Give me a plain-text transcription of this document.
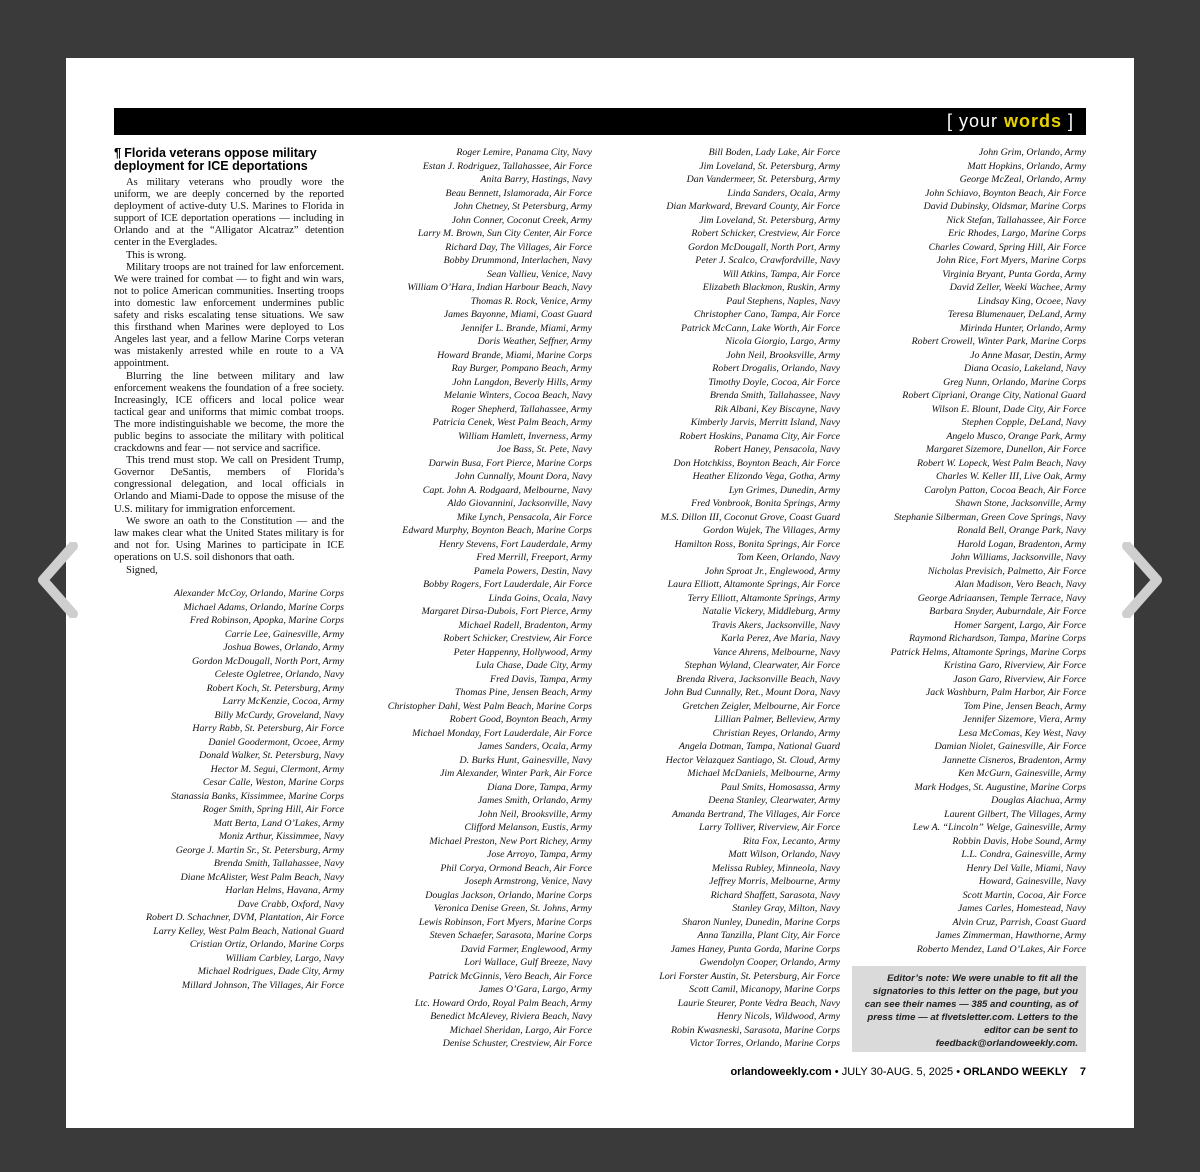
[ your words ]
¶ Florida veterans oppose military deployment for ICE deportations

As military veterans who proudly wore the uniform, we are deeply concerned by the reported deployment of active-duty U.S. Marines to Florida in support of ICE deportation operations — including in Orlando and at the “Alligator Alcatraz” detention center in the Everglades.

This is wrong.

Military troops are not trained for law enforcement. We were trained for combat — to fight and win wars, not to police American communities. Inserting troops into domestic law enforcement undermines public safety and risks escalating tense situations. We saw this firsthand when Marines were deployed to Los Angeles last year, and a fellow Marine Corps veteran was mistakenly arrested while en route to a VA appointment.

Blurring the line between military and law enforcement weakens the foundation of a free society. Increasingly, ICE officers and local police wear tactical gear and uniforms that mimic combat troops. The more indistinguishable we become, the more the public begins to associate the military with political crackdowns and fear — not service and sacrifice.

This trend must stop. We call on President Trump, Governor DeSantis, members of Florida’s congressional delegation, and local officials in Orlando and Miami-Dade to oppose the misuse of the U.S. military for immigration enforcement.

We swore an oath to the Constitution — and the law makes clear what the United States military is for and not for. Using Marines to participate in ICE operations on U.S. soil dishonors that oath.

Signed,

Alexander McCoy, Orlando, Marine Corps
Michael Adams, Orlando, Marine Corps
Fred Robinson, Apopka, Marine Corps
Carrie Lee, Gainesville, Army
Joshua Bowes, Orlando, Army
Gordon McDougall, North Port, Army
Celeste Ogletree, Orlando, Navy
Robert Koch, St. Petersburg, Army
Larry McKenzie, Cocoa, Army
Billy McCurdy, Groveland, Navy
Harry Rabb, St. Petersburg, Air Force
Daniel Goodermont, Ocoee, Army
Donald Walker, St. Petersburg, Navy
Hector M. Segui, Clermont, Army
Cesar Calle, Weston, Marine Corps
Stanassia Banks, Kissimmee, Marine Corps
Roger Smith, Spring Hill, Air Force
Matt Berta, Land O’Lakes, Army
Moniz Arthur, Kissimmee, Navy
George J. Martin Sr., St. Petersburg, Army
Brenda Smith, Tallahassee, Navy
Diane McAlister, West Palm Beach, Navy
Harlan Helms, Havana, Army
Dave Crabb, Oxford, Navy
Robert D. Schachner, DVM, Plantation, Air Force
Larry Kelley, West Palm Beach, National Guard
Cristian Ortiz, Orlando, Marine Corps
William Carbley, Largo, Navy
Michael Rodrigues, Dade City, Army
Millard Johnson, The Villages, Air Force
Roger Lemire, Panama City, Navy
Estan J. Rodriguez, Tallahassee, Air Force
Anita Barry, Hastings, Navy
Beau Bennett, Islamorada, Air Force
John Chetney, St Petersburg, Army
John Conner, Coconut Creek, Army
Larry M. Brown, Sun City Center, Air Force
Richard Day, The Villages, Air Force
Bobby Drummond, Interlachen, Navy
Sean Vallieu, Venice, Navy
William O’Hara, Indian Harbour Beach, Navy
Thomas R. Rock, Venice, Army
James Bayonne, Miami, Coast Guard
Jennifer L. Brande, Miami, Army
Doris Weather, Seffner, Army
Howard Brande, Miami, Marine Corps
Ray Burger, Pompano Beach, Army
John Langdon, Beverly Hills, Army
Melanie Winters, Cocoa Beach, Navy
Roger Shepherd, Tallahassee, Army
Patricia Cenek, West Palm Beach, Army
William Hamlett, Inverness, Army
Joe Bass, St. Pete, Navy
Darwin Busa, Fort Pierce, Marine Corps
John Cunnally, Mount Dora, Navy
Capt. John A. Rodgaard, Melbourne, Navy
Aldo Giovannini, Jacksonville, Navy
Mike Lynch, Pensacola, Air Force
Edward Murphy, Boynton Beach, Marine Corps
Henry Stevens, Fort Lauderdale, Army
Fred Merrill, Freeport, Army
Pamela Powers, Destin, Navy
Bobby Rogers, Fort Lauderdale, Air Force
Linda Goins, Ocala, Navy
Margaret Dirsa-Dubois, Fort Pierce, Army
Michael Radell, Bradenton, Army
Robert Schicker, Crestview, Air Force
Peter Happenny, Hollywood, Army
Lula Chase, Dade City, Army
Fred Davis, Tampa, Army
Thomas Pine, Jensen Beach, Army
Christopher Dahl, West Palm Beach, Marine Corps
Robert Good, Boynton Beach, Army
Michael Monday, Fort Lauderdale, Air Force
James Sanders, Ocala, Army
D. Burks Hunt, Gainesville, Navy
Jim Alexander, Winter Park, Air Force
Diana Dore, Tampa, Army
James Smith, Orlando, Army
John Neil, Brooksville, Army
Clifford Melanson, Eustis, Army
Michael Preston, New Port Richey, Army
Jose Arroyo, Tampa, Army
Phil Corya, Ormond Beach, Air Force
Joseph Armstrong, Venice, Navy
Douglas Jackson, Orlando, Marine Corps
Veronica Denise Green, St. Johns, Army
Lewis Robinson, Fort Myers, Marine Corps
Steven Schaefer, Sarasota, Marine Corps
David Farmer, Englewood, Army
Lori Wallace, Gulf Breeze, Navy
Patrick McGinnis, Vero Beach, Air Force
James O’Gara, Largo, Army
Ltc. Howard Ordo, Royal Palm Beach, Army
Benedict McAlevey, Riviera Beach, Navy
Michael Sheridan, Largo, Air Force
Denise Schuster, Crestview, Air Force
Bill Boden, Lady Lake, Air Force
Jim Loveland, St. Petersburg, Army
Dan Vandermeer, St. Petersburg, Army
Linda Sanders, Ocala, Army
Dian Markward, Brevard County, Air Force
Jim Loveland, St. Petersburg, Army
Robert Schicker, Crestview, Air Force
Gordon McDougall, North Port, Army
Peter J. Scalco, Crawfordville, Navy
Will Atkins, Tampa, Air Force
Elizabeth Blackmon, Ruskin, Army
Paul Stephens, Naples, Navy
Christopher Cano, Tampa, Air Force
Patrick McCann, Lake Worth, Air Force
Nicola Giorgio, Largo, Army
John Neil, Brooksville, Army
Robert Drogalis, Orlando, Navy
Timothy Doyle, Cocoa, Air Force
Brenda Smith, Tallahassee, Navy
Rik Albani, Key Biscayne, Navy
Kimberly Jarvis, Merritt Island, Navy
Robert Hoskins, Panama City, Air Force
Robert Haney, Pensacola, Navy
Don Hotchkiss, Boynton Beach, Air Force
Heather Elizondo Vega, Gotha, Army
Lyn Grimes, Dunedin, Army
Fred Vonbrook, Bonita Springs, Army
M.S. Dillon III, Coconut Grove, Coast Guard
Gordon Wujek, The Villages, Army
Hamilton Ross, Bonita Springs, Air Force
Tom Keen, Orlando, Navy
John Sproat Jr., Englewood, Army
Laura Elliott, Altamonte Springs, Air Force
Terry Elliott, Altamonte Springs, Army
Natalie Vickery, Middleburg, Army
Travis Akers, Jacksonville, Navy
Karla Perez, Ave Maria, Navy
Vance Ahrens, Melbourne, Navy
Stephan Wyland, Clearwater, Air Force
Brenda Rivera, Jacksonville Beach, Navy
John Bud Cunnally, Ret., Mount Dora, Navy
Gretchen Zeigler, Melbourne, Air Force
Lillian Palmer, Belleview, Army
Christian Reyes, Orlando, Army
Angela Dotman, Tampa, National Guard
Hector Velazquez Santiago, St. Cloud, Army
Michael McDaniels, Melbourne, Army
Paul Smits, Homosassa, Army
Deena Stanley, Clearwater, Army
Amanda Bertrand, The Villages, Air Force
Larry Tolliver, Riverview, Air Force
Rita Fox, Lecanto, Army
Matt Wilson, Orlando, Navy
Melissa Rubley, Minneola, Navy
Jeffrey Morris, Melbourne, Army
Richard Shaffett, Sarasota, Navy
Stanley Gray, Milton, Navy
Sharon Nunley, Dunedin, Marine Corps
Anna Tanzilla, Plant City, Air Force
James Haney, Punta Gorda, Marine Corps
Gwendolyn Cooper, Orlando, Army
Lori Forster Austin, St. Petersburg, Air Force
Scott Camil, Micanopy, Marine Corps
Laurie Steurer, Ponte Vedra Beach, Navy
Henry Nicols, Wildwood, Army
Robin Kwasneski, Sarasota, Marine Corps
Victor Torres, Orlando, Marine Corps
John Grim, Orlando, Army
Matt Hopkins, Orlando, Army
George McZeal, Orlando, Army
John Schiavo, Boynton Beach, Air Force
David Dubinsky, Oldsmar, Marine Corps
Nick Stefan, Tallahassee, Air Force
Eric Rhodes, Largo, Marine Corps
Charles Coward, Spring Hill, Air Force
John Rice, Fort Myers, Marine Corps
Virginia Bryant, Punta Gorda, Army
David Zeller, Weeki Wachee, Army
Lindsay King, Ocoee, Navy
Teresa Blumenauer, DeLand, Army
Mirinda Hunter, Orlando, Army
Robert Crowell, Winter Park, Marine Corps
Jo Anne Masar, Destin, Army
Diana Ocasio, Lakeland, Navy
Greg Nunn, Orlando, Marine Corps
Robert Cipriani, Orange City, National Guard
Wilson E. Blount, Dade City, Air Force
Stephen Copple, DeLand, Navy
Angelo Musco, Orange Park, Army
Margaret Sizemore, Dunellon, Air Force
Robert W. Lopeck, West Palm Beach, Navy
Charles W. Keller III, Live Oak, Army
Carolyn Patton, Cocoa Beach, Air Force
Shawn Stone, Jacksonville, Army
Stephanie Silberman, Green Cove Springs, Navy
Ronald Bell, Orange Park, Navy
Harold Logan, Bradenton, Army
John Williams, Jacksonville, Navy
Nicholas Previsich, Palmetto, Air Force
Alan Madison, Vero Beach, Navy
George Adriaansen, Temple Terrace, Navy
Barbara Snyder, Auburndale, Air Force
Homer Sargent, Largo, Air Force
Raymond Richardson, Tampa, Marine Corps
Patrick Helms, Altamonte Springs, Marine Corps
Kristina Garo, Riverview, Air Force
Jason Garo, Riverview, Air Force
Jack Washburn, Palm Harbor, Air Force
Tom Pine, Jensen Beach, Army
Jennifer Sizemore, Viera, Army
Lesa McComas, Key West, Navy
Damian Niolet, Gainesville, Air Force
Jannette Cisneros, Bradenton, Army
Ken McGurn, Gainesville, Army
Mark Hodges, St. Augustine, Marine Corps
Douglas Alachua, Army
Laurent Gilbert, The Villages, Army
Lew A. “Lincoln” Welge, Gainesville, Army
Robbin Davis, Hobe Sound, Army
L.L. Condra, Gainesville, Army
Henry Del Valle, Miami, Navy
Howard, Gainesville, Navy
Scott Martin, Cocoa, Air Force
James Carles, Homestead, Navy
Alvin Cruz, Parrish, Coast Guard
James Zimmerman, Hawthorne, Army
Roberto Mendez, Land O’Lakes, Air Force
Editor’s note: We were unable to fit all the signatories to this letter on the page, but you can see their names — 385 and counting, as of press time — at flvetsletter.com. Letters to the editor can be sent to feedback@orlandoweekly.com.
orlandoweekly.com • JULY 30-AUG. 5, 2025 • ORLANDO WEEKLY 7
